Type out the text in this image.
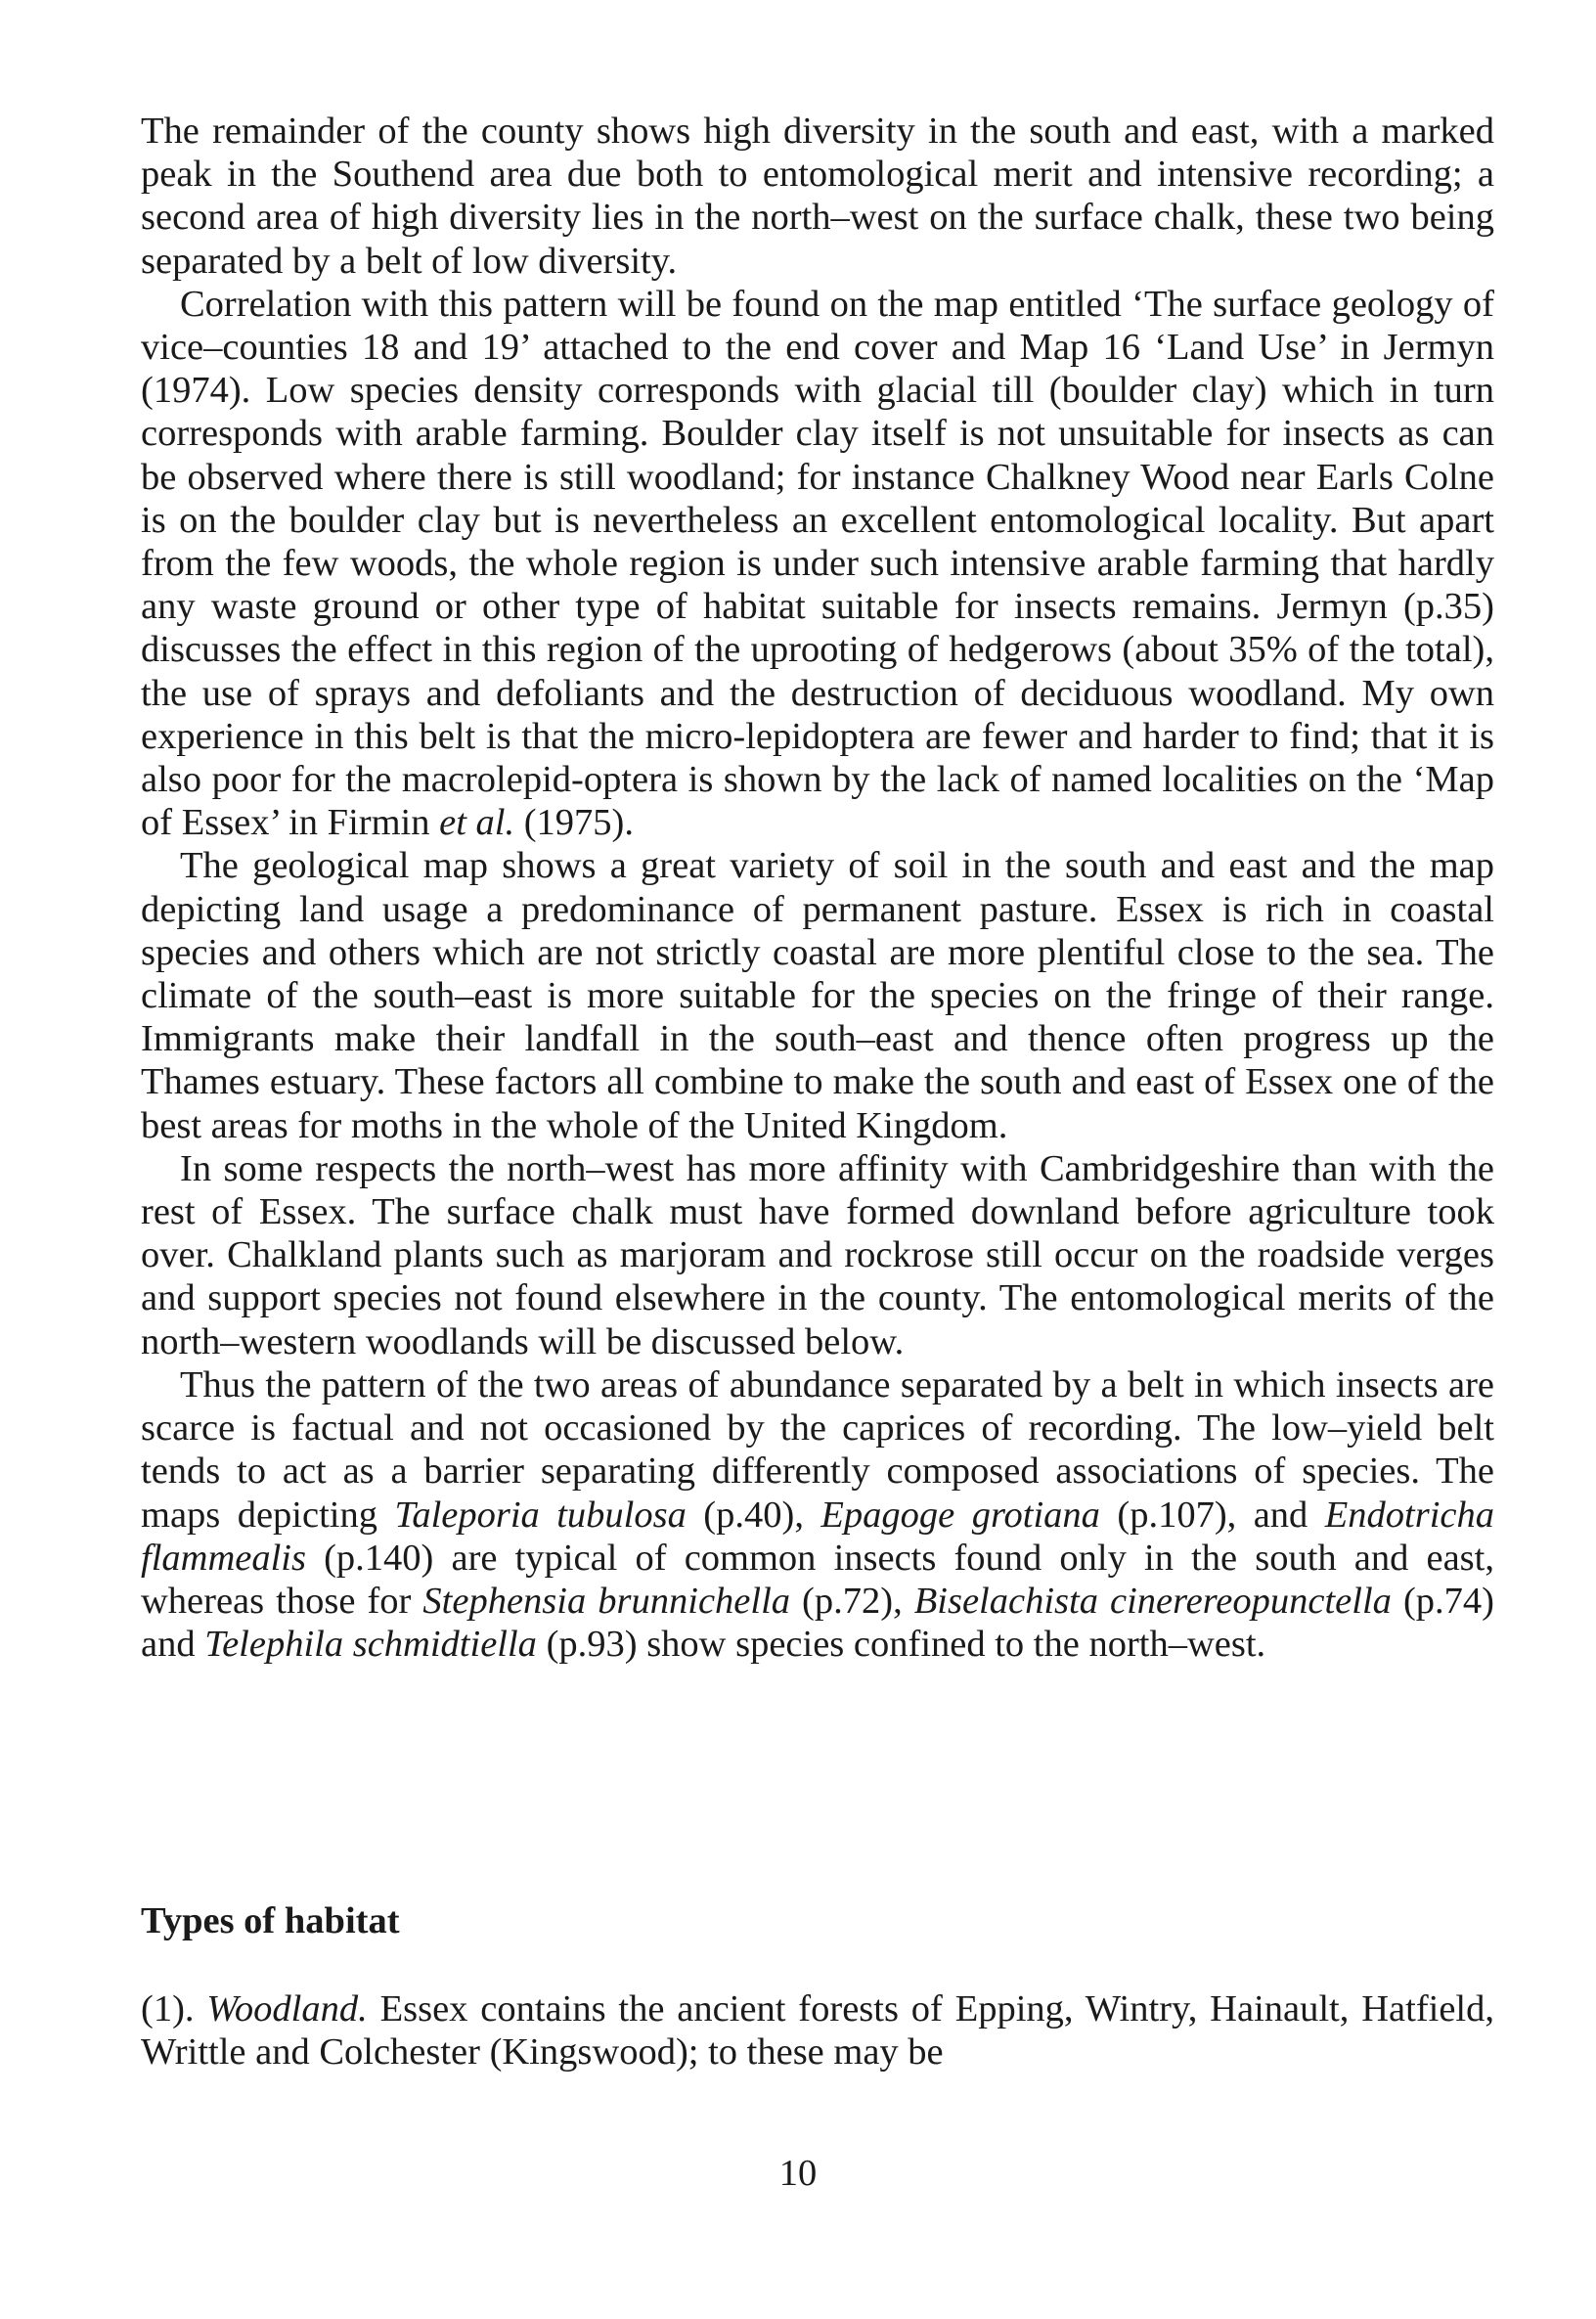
The remainder of the county shows high diversity in the south and east, with a marked peak in the Southend area due both to entomological merit and intensive recording; a second area of high diversity lies in the north–west on the surface chalk, these two being separated by a belt of low diversity.

Correlation with this pattern will be found on the map entitled ‘The surface geology of vice–counties 18 and 19’ attached to the end cover and Map 16 ‘Land Use’ in Jermyn (1974). Low species density corresponds with glacial till (boulder clay) which in turn corresponds with arable farming. Boulder clay itself is not unsuitable for insects as can be observed where there is still woodland; for instance Chalkney Wood near Earls Colne is on the boulder clay but is nevertheless an excellent entomological locality. But apart from the few woods, the whole region is under such intensive arable farming that hardly any waste ground or other type of habitat suitable for insects remains. Jermyn (p.35) discusses the effect in this region of the uprooting of hedgerows (about 35% of the total), the use of sprays and defoliants and the destruction of deciduous woodland. My own experience in this belt is that the micro-lepidoptera are fewer and harder to find; that it is also poor for the macrolepid-optera is shown by the lack of named localities on the ‘Map of Essex’ in Firmin et al. (1975).

The geological map shows a great variety of soil in the south and east and the map depicting land usage a predominance of permanent pasture. Essex is rich in coastal species and others which are not strictly coastal are more plentiful close to the sea. The climate of the south–east is more suitable for the species on the fringe of their range. Immigrants make their landfall in the south–east and thence often progress up the Thames estuary. These factors all combine to make the south and east of Essex one of the best areas for moths in the whole of the United Kingdom.

In some respects the north–west has more affinity with Cambridgeshire than with the rest of Essex. The surface chalk must have formed downland before agriculture took over. Chalkland plants such as marjoram and rockrose still occur on the roadside verges and support species not found elsewhere in the county. The entomological merits of the north–western woodlands will be discussed below.

Thus the pattern of the two areas of abundance separated by a belt in which insects are scarce is factual and not occasioned by the caprices of recording. The low–yield belt tends to act as a barrier separating differently composed associations of species. The maps depicting Taleporia tubulosa (p.40), Epagoge grotiana (p.107), and Endotricha flammealis (p.140) are typical of common insects found only in the south and east, whereas those for Stephensia brunnichella (p.72), Biselachista cinerereopunctella (p.74) and Telephila schmidtiella (p.93) show species confined to the north–west.

Types of habitat

(1). Woodland. Essex contains the ancient forests of Epping, Wintry, Hainault, Hatfield, Writtle and Colchester (Kingswood); to these may be

10
